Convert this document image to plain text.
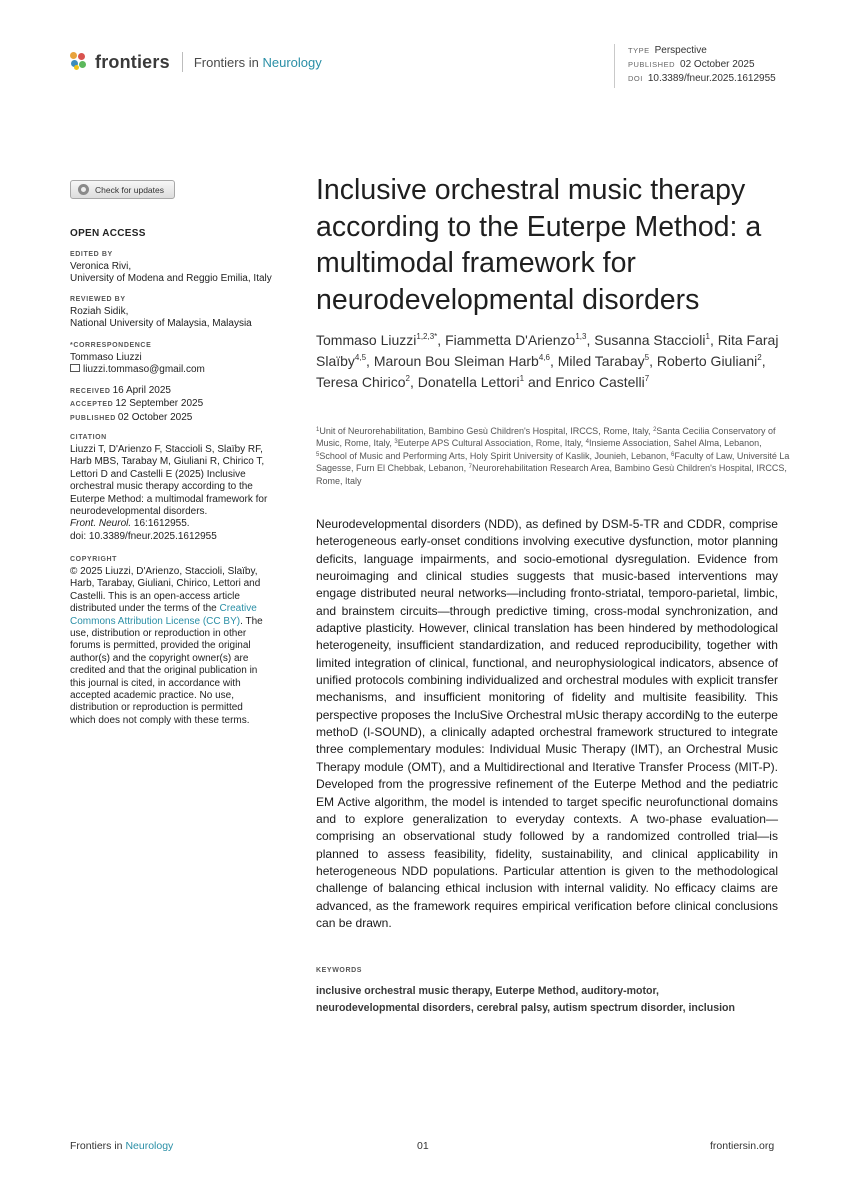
frontiers Frontiers in Neurology
TYPE Perspective
PUBLISHED 02 October 2025
DOI 10.3389/fneur.2025.1612955
Check for updates
OPEN ACCESS
EDITED BY
Veronica Rivi,
University of Modena and Reggio Emilia, Italy
REVIEWED BY
Roziah Sidik,
National University of Malaysia, Malaysia
*CORRESPONDENCE
Tommaso Liuzzi
liuzzi.tommaso@gmail.com
RECEIVED 16 April 2025
ACCEPTED 12 September 2025
PUBLISHED 02 October 2025
CITATION
Liuzzi T, D'Arienzo F, Staccioli S, Slaïby RF,
Harb MBS, Tarabay M, Giuliani R, Chirico T,
Lettori D and Castelli E (2025) Inclusive
orchestral music therapy according to the
Euterpe Method: a multimodal framework for
neurodevelopmental disorders.
Front. Neurol. 16:1612955.
doi: 10.3389/fneur.2025.1612955
COPYRIGHT
© 2025 Liuzzi, D'Arienzo, Staccioli, Slaïby,
Harb, Tarabay, Giuliani, Chirico, Lettori and
Castelli. This is an open-access article
distributed under the terms of the Creative
Commons Attribution License (CC BY). The
use, distribution or reproduction in other
forums is permitted, provided the original
author(s) and the copyright owner(s) are
credited and that the original publication in
this journal is cited, in accordance with
accepted academic practice. No use,
distribution or reproduction is permitted
which does not comply with these terms.
Inclusive orchestral music therapy according to the Euterpe Method: a multimodal framework for neurodevelopmental disorders
Tommaso Liuzzi$^{1,2,3*}$, Fiammetta D'Arienzo$^{1,3}$, Susanna Staccioli$^1$, Rita Faraj Slaïby$^{4,5}$, Maroun Bou Sleiman Harb$^{4,6}$, Miled Tarabay$^5$, Roberto Giuliani$^2$, Teresa Chirico$^2$, Donatella Lettori$^1$ and Enrico Castelli$^7$
$^1$Unit of Neurorehabilitation, Bambino Gesù Children's Hospital, IRCCS, Rome, Italy, $^2$Santa Cecilia Conservatory of Music, Rome, Italy, $^3$Euterpe APS Cultural Association, Rome, Italy, $^4$Insieme Association, Sahel Alma, Lebanon, $^5$School of Music and Performing Arts, Holy Spirit University of Kaslik, Jounieh, Lebanon, $^6$Faculty of Law, Université La Sagesse, Furn El Chebbak, Lebanon, $^7$Neurorehabilitation Research Area, Bambino Gesù Children's Hospital, IRCCS, Rome, Italy
Neurodevelopmental disorders (NDD), as defined by DSM-5-TR and CDDR, comprise heterogeneous early-onset conditions involving executive dysfunction, motor planning deficits, language impairments, and socio-emotional dysregulation. Evidence from neuroimaging and clinical studies suggests that music-based interventions may engage distributed neural networks—including fronto-striatal, temporo-parietal, limbic, and brainstem circuits—through predictive timing, cross-modal synchronization, and adaptive plasticity. However, clinical translation has been hindered by methodological heterogeneity, insufficient standardization, and reduced reproducibility, together with limited integration of clinical, functional, and neurophysiological indicators, absence of unified protocols combining individualized and orchestral modules with explicit transfer mechanisms, and insufficient monitoring of fidelity and multisite feasibility. This perspective proposes the IncluSive Orchestral mUsic therapy accordiNg to the euterpe methoD (I-SOUND), a clinically adapted orchestral framework structured to integrate three complementary modules: Individual Music Therapy (IMT), an Orchestral Music Therapy module (OMT), and a Multidirectional and Iterative Transfer Process (MIT-P). Developed from the progressive refinement of the Euterpe Method and the pediatric EM Active algorithm, the model is intended to target specific neurofunctional domains and to explore generalization to everyday contexts. A two-phase evaluation—comprising an observational study followed by a randomized controlled trial—is planned to assess feasibility, fidelity, sustainability, and clinical applicability in heterogeneous NDD populations. Particular attention is given to the methodological challenge of balancing ethical inclusion with internal validity. No efficacy claims are advanced, as the framework requires empirical verification before clinical conclusions can be drawn.
KEYWORDS
inclusive orchestral music therapy, Euterpe Method, auditory-motor,
neurodevelopmental disorders, cerebral palsy, autism spectrum disorder, inclusion
Frontiers in Neurology	01	frontiersin.org
